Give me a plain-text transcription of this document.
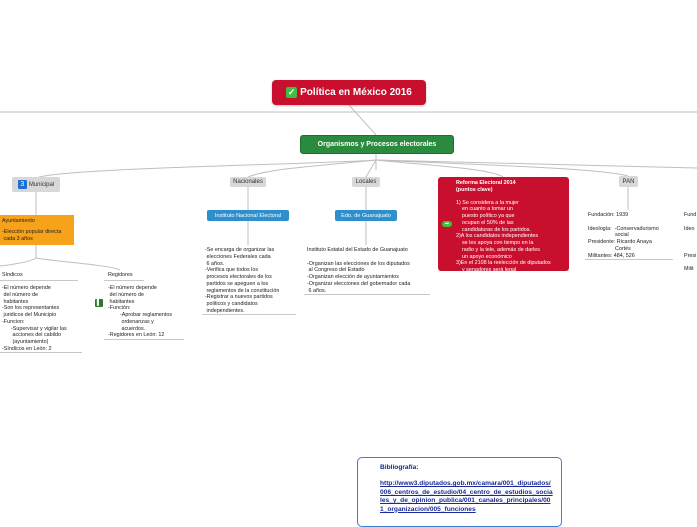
✓ Política en México 2016
Organismos y Procesos electorales
3 Municipal
Ayuntamiento
-Elección popular directa
cada 3 años
Síndicos
-El número depende
del número de
habitantes
-Son los representantes
juridicos del Municipio
-Funcion:
-Supervisar y vigilar las
acciones del cabildo
(ayuntamiento)
-Síndicos en León: 2
Regidores
▌
-El número depende
del número de
habitantes
-Función:
-Aprobar reglamentos
ordenanzas y
acuerdos.
-Regidores en León: 12
Nacionales
Instituto Nacional Electoral
-Se encarga de organizar las
elecciones Federales cada
6 años.
-Verifica que todos los
procesos electorales de los
partidos se apeguen a los
reglamentos de la constitución
-Registrar a nuevos partidos
politicos y candidatos
independientes.
Locales
Edo. de Guanajuato
Instituto Estatal del Estado de Guanajuato

-Organizan las elecciones de los diputados
al Congreso del Estado
-Organizan elección de ayuntamientos
-Organizar elecciones del gobernador cada
6 años.
➡
Reforma Electoral 2014
(puntos clave)
1) Se considera a la mujer
en cuanto a tomar un
puesto político ya que
ocupan el 50% de las
candidaturas de los partidos.
2)A los candidatos independientes
se les apoya con tiempo en la
radio y la tele, además de darles
un apoyo económico
3)En el 2108 la reelección de diputados
y senadores será legal
PAN
Fundación: 1939

Ideología:  -Conservadurismo
social
Presidente: Ricardo Anaya
Cortés
Militantes: 484, 526
Fund

Ideo

Presi

Milit
Bibliografía:
http://www3.diputados.gob.mx/camara/001_diputados/006_centros_de_estudio/04_centro_de_estudios_sociales_y_de_opinion_publica/001_canales_principales/001_organizacion/005_funciones
